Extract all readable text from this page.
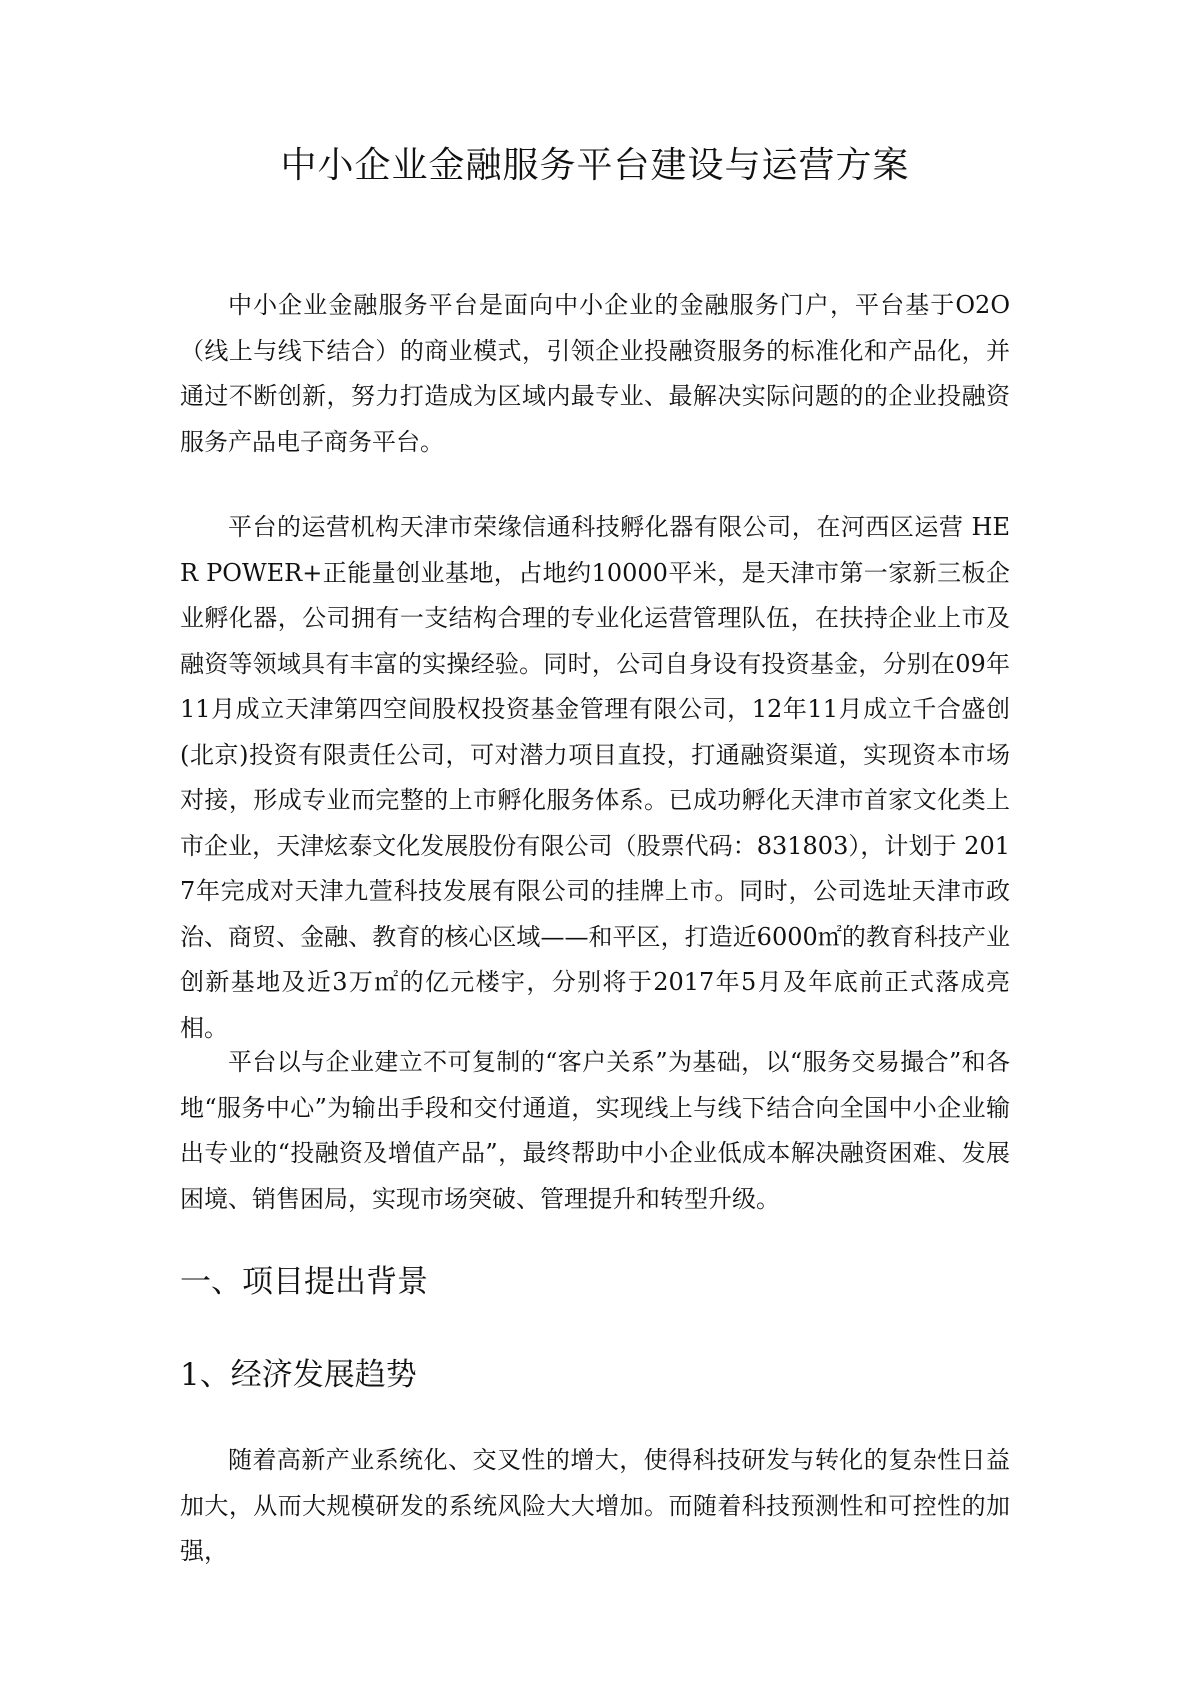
中小企业金融服务平台建设与运营方案

中小企业金融服务平台是面向中小企业的金融服务门户，平台基于O2O（线上与线下结合）的商业模式，引领企业投融资服务的标准化和产品化，并通过不断创新，努力打造成为区域内最专业、最解决实际问题的的企业投融资服务产品电子商务平台。

平台的运营机构天津市荣缘信通科技孵化器有限公司，在河西区运营 HER POWER+正能量创业基地，占地约10000平米，是天津市第一家新三板企业孵化器，公司拥有一支结构合理的专业化运营管理队伍，在扶持企业上市及融资等领域具有丰富的实操经验。同时，公司自身设有投资基金，分别在09年11月成立天津第四空间股权投资基金管理有限公司，12年11月成立千合盛创(北京)投资有限责任公司，可对潜力项目直投，打通融资渠道，实现资本市场对接，形成专业而完整的上市孵化服务体系。已成功孵化天津市首家文化类上市企业，天津炫泰文化发展股份有限公司（股票代码：831803），计划于 2017年完成对天津九萱科技发展有限公司的挂牌上市。同时，公司选址天津市政治、商贸、金融、教育的核心区域——和平区，打造近6000㎡的教育科技产业创新基地及近3万㎡的亿元楼宇，分别将于2017年5月及年底前正式落成亮相。

平台以与企业建立不可复制的“客户关系”为基础，以“服务交易撮合”和各地“服务中心”为输出手段和交付通道，实现线上与线下结合向全国中小企业输出专业的“投融资及增值产品”，最终帮助中小企业低成本解决融资困难、发展困境、销售困局，实现市场突破、管理提升和转型升级。

一、项目提出背景
1、经济发展趋势

随着高新产业系统化、交叉性的增大，使得科技研发与转化的复杂性日益加大，从而大规模研发的系统风险大大增加。而随着科技预测性和可控性的加强，
